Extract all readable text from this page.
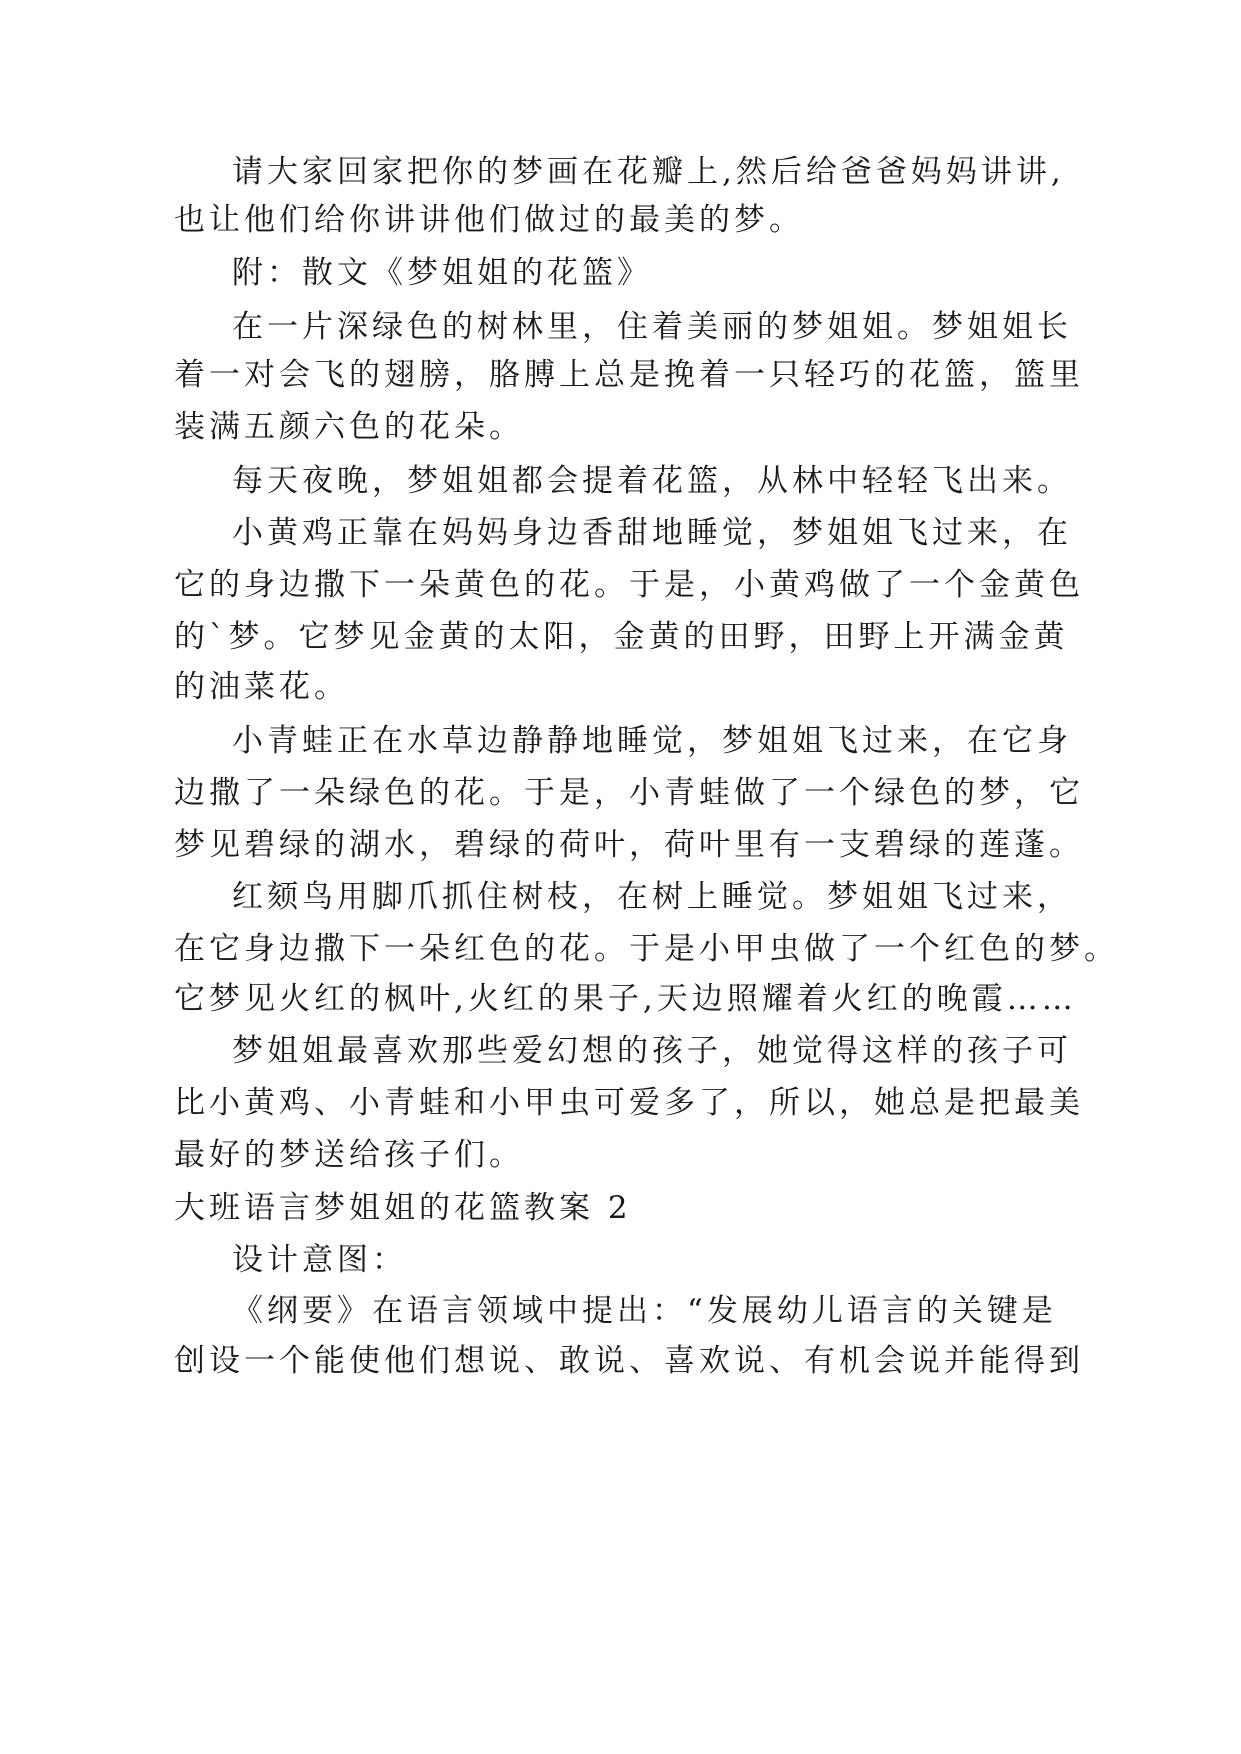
请大家回家把你的梦画在花瓣上,然后给爸爸妈妈讲讲,

也让他们给你讲讲他们做过的最美的梦。

附：散文《梦姐姐的花篮》

在一片深绿色的树林里，住着美丽的梦姐姐。梦姐姐长

着一对会飞的翅膀，胳膊上总是挽着一只轻巧的花篮，篮里

装满五颜六色的花朵。

每天夜晚，梦姐姐都会提着花篮，从林中轻轻飞出来。

小黄鸡正靠在妈妈身边香甜地睡觉，梦姐姐飞过来，在

它的身边撒下一朵黄色的花。于是，小黄鸡做了一个金黄色

的`梦。它梦见金黄的太阳，金黄的田野，田野上开满金黄

的油菜花。

小青蛙正在水草边静静地睡觉，梦姐姐飞过来，在它身

边撒了一朵绿色的花。于是，小青蛙做了一个绿色的梦，它

梦见碧绿的湖水，碧绿的荷叶，荷叶里有一支碧绿的莲蓬。

红颏鸟用脚爪抓住树枝，在树上睡觉。梦姐姐飞过来，

在它身边撒下一朵红色的花。于是小甲虫做了一个红色的梦。

它梦见火红的枫叶,火红的果子,天边照耀着火红的晚霞……

梦姐姐最喜欢那些爱幻想的孩子，她觉得这样的孩子可

比小黄鸡、小青蛙和小甲虫可爱多了，所以，她总是把最美

最好的梦送给孩子们。

大班语言梦姐姐的花篮教案 2

设计意图：

《纲要》在语言领域中提出：“发展幼儿语言的关键是

创设一个能使他们想说、敢说、喜欢说、有机会说并能得到
